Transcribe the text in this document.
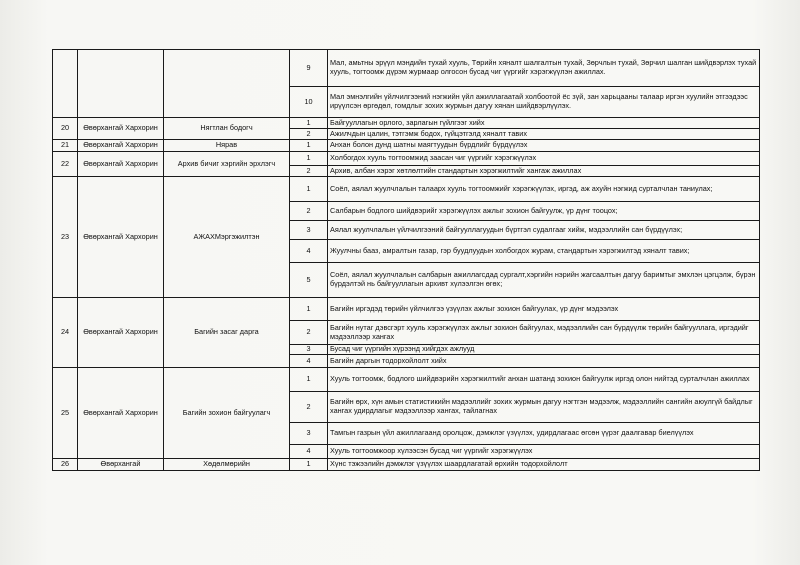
			9	Мал, амьтны эрүүл мэндийн тухай хууль, Төрийн хяналт шалгалтын тухай, Зөрчлын тухай, Зөрчил шалган шийдвэрлэх тухай хууль, тогтоомж дүрэм журмаар олгосон бусад чиг үүргийг хэрэгжүүлэн ажиллах.
			10	Мал эмнэлгийн үйлчилгээний нэгжийн үйл ажиллагаатай холбоотой ёс зүй, зан харьцааны талаар иргэн хуулийн этгээдээс ирүүлсэн өргөдөл, гомдлыг зохих журмын дагуу хянан шийдвэрлүүлэх.
20	Өвөрхангай Хархорин	Нягтлан бодогч	1	Байгууллагын орлого, зарлагын гүйлгээг хийх
			2	Ажилчдын цалин, тэтгэмж бодох, гүйцэтгэлд хяналт тавих
21	Өвөрхангай Хархорин	Нярав	1	Анхан болон дунд шатны маягтуудын бүрдлийг бүрдүүлэх
22	Өвөрхангай Хархорин	Архив бичиг хэргийн эрхлэгч	1	Холбогдох хууль тогтоомжид заасан чиг үүргийг хэрэгжүүлэх
			2	Архив, албан хэрэг хөтлөлтийн стандартын хэрэгжилтийг хангаж ажиллах
23	Өвөрхангай Хархорин	АЖАХМэргэжилтэн	1	Соёл, аялал жуулчлалын талаарх хууль тогтоомжийг хэрэгжүүлэх, иргэд, аж ахуйн нэгжид сурталчлан таниулах;
			2	Салбарын бодлого шийдвэрийг хэрэгжүүлэх ажлыг зохион байгуулж, үр дүнг тооцох;
			3	Аялал жуулчлалын үйлчилгээний байгууллагуудын бүртгэл судалгааг хийж, мэдээллийн сан бүрдүүлэх;
			4	Жуулчны бааз, амралтын газар, гэр буудлуудын холбогдох журам, стандартын хэрэгжилтэд хяналт тавих;
			5	Соёл, аялал жуулчлалын салбарын ажиллагсдад сургалт,хэргийн нэрийн жагсаалтын дагуу баримтыг эмхлэн цэгцэлж, бүрэн бүрдэлтэй нь байгууллагын архивт хүлээлгэн өгөх;
24	Өвөрхангай Хархорин	Багийн засаг дарга	1	Багийн иргэдэд төрийн үйлчилгээ үзүүлэх ажлыг зохион байгуулах, үр дүнг мэдээлэх
			2	Багийн нутаг дэвсгэрт хууль хэрэгжүүлэх ажлыг зохион байгуулах, мэдээллийн сан бүрдүүлж төрийн байгууллага, иргэдийг мэдээллээр хангах
			3	Бусад чиг үүргийн хүрээнд хийгдэх ажлууд
			4	Багийн даргын тодорхойлолт хийх
25	Өвөрхангай Хархорин	Багийн зохион байгуулагч	1	Хууль тогтоомж, бодлого шийдвэрийн хэрэгжилтийг анхан шатанд зохион байгуулж иргэд олон нийтэд сурталчлан ажиллах
			2	Багийн өрх, хүн амын статистикийн мэдээллийг зохих журмын дагуу нэгтгэн мэдээлж, мэдээллийн сангийн аюулгүй байдлыг хангах удирдлагыг мэдээллээр хангах, тайлагнах
			3	Тамгын газрын үйл ажиллагаанд оролцож, дэмжлэг үзүүлэх, удирдлагаас өгсөн үүрэг даалгавар биелүүлэх
			4	Хууль тогтоомжоор хүлээсэн бусад чиг үүргийг хэрэгжүүлэх
26	Өвөрхангай	Хөдөлмөрийн	1	Хүнс тэжээлийн дэмжлэг үзүүлэх шаардлагатай өрхийн тодорхойлолт
